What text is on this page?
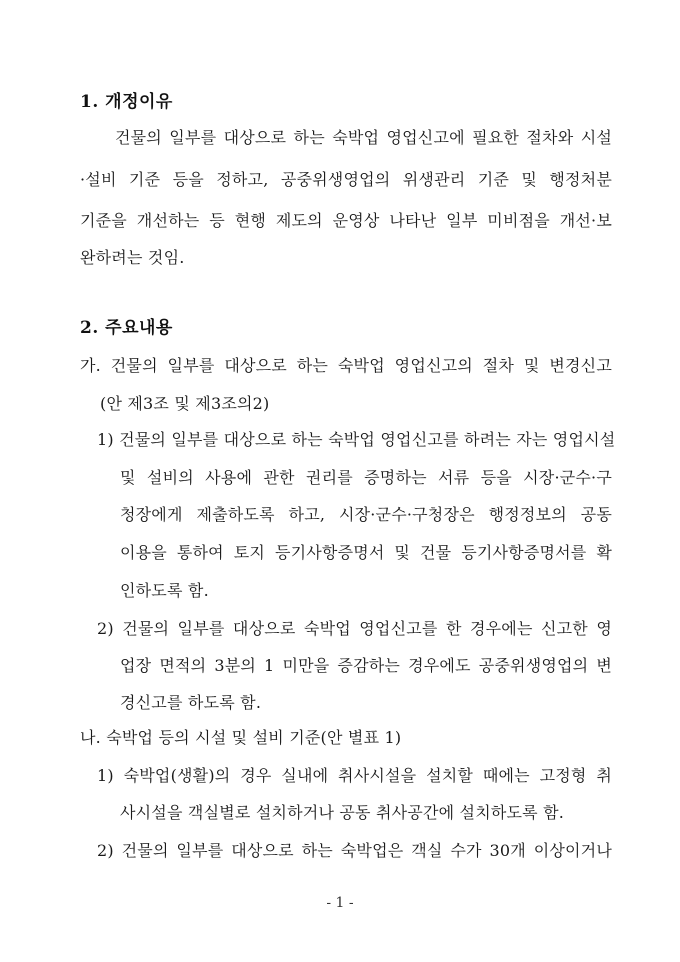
1. 개정이유
건물의 일부를 대상으로 하는 숙박업 영업신고에 필요한 절차와 시설
·설비 기준 등을 정하고, 공중위생영업의 위생관리 기준 및 행정처분
기준을 개선하는 등 현행 제도의 운영상 나타난 일부 미비점을 개선·보
완하려는 것임.
2. 주요내용
가. 건물의 일부를 대상으로 하는 숙박업 영업신고의 절차 및 변경신고
(안 제3조 및 제3조의2)
1) 건물의 일부를 대상으로 하는 숙박업 영업신고를 하려는 자는 영업시설
및 설비의 사용에 관한 권리를 증명하는 서류 등을 시장·군수·구
청장에게 제출하도록 하고, 시장·군수·구청장은 행정정보의 공동
이용을 통하여 토지 등기사항증명서 및 건물 등기사항증명서를 확
인하도록 함.
2) 건물의 일부를 대상으로 숙박업 영업신고를 한 경우에는 신고한 영
업장 면적의 3분의 1 미만을 증감하는 경우에도 공중위생영업의 변
경신고를 하도록 함.
나. 숙박업 등의 시설 및 설비 기준(안 별표 1)
1) 숙박업(생활)의 경우 실내에 취사시설을 설치할 때에는 고정형 취
사시설을 객실별로 설치하거나 공동 취사공간에 설치하도록 함.
2) 건물의 일부를 대상으로 하는 숙박업은 객실 수가 30개 이상이거나
- 1 -
